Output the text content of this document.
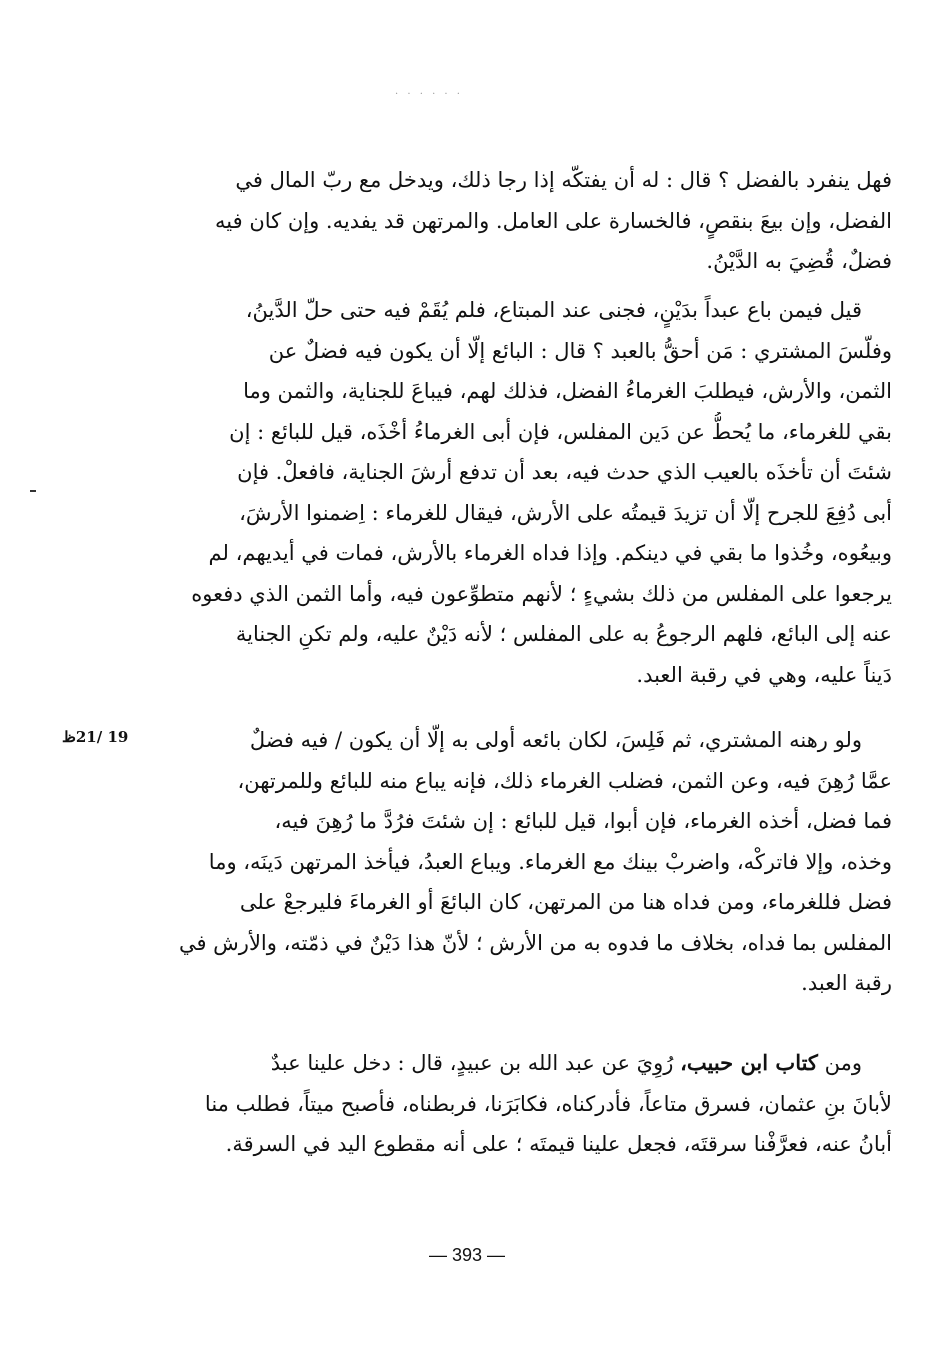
. . . . . .
فهل ينفرد بالفضل ؟ قال : له أن يفتكّه إذا رجا ذلك، ويدخل مع ربّ المال في
الفضل، وإن بيعَ بنقصٍ، فالخسارة على العامل. والمرتهن قد يفديه. وإن كان فيه
فضلٌ، قُضِيَ به الدَّيْنُ.
قيل فيمن باع عبداً بدَيْنٍ، فجنى عند المبتاع، فلم يُقَمْ فيه حتى حلّ الدَّينُ،
وفلّسَ المشتري : مَن أحقُّ بالعبد ؟ قال : البائع إلّا أن يكون فيه فضلٌ عن
الثمن، والأرش، فيطلبَ الغرماءُ الفضل، فذلك لهم، فيباعَ للجناية، والثمن وما
بقي للغرماء، ما يُحطُّ عن دَين المفلس، فإن أبى الغرماءُ أخْذَه، قيل للبائع : إن
شئتَ أن تأخذَه بالعيب الذي حدث فيه، بعد أن تدفع أرشَ الجناية، فافعلْ. فإن
أبى دُفِعَ للجرح إلّا أن تزيدَ قيمتُه على الأرش، فيقال للغرماء : اِضمنوا الأرشَ،
وبيعُوه، وخُذوا ما بقي في دينكم. وإذا فداه الغرماء بالأرش، فمات في أيديهم، لم
يرجعوا على المفلس من ذلك بشيءٍ ؛ لأنهم متطوِّعون فيه، وأما الثمن الذي دفعوه
عنه إلى البائع، فلهم الرجوعُ به على المفلس ؛ لأنه دَيْنٌ عليه، ولم تكنِ الجناية
دَيناً عليه، وهي في رقبة العبد.
19 /21ظ	ولو رهنه المشتري، ثم فَلِسَ، لكان بائعه أولى به إلّا أن يكون / فيه فضلٌ
عمَّا رُهِنَ فيه، وعن الثمن، فضلب الغرماء ذلك، فإنه يباع منه للبائع وللمرتهن،
فما فضل، أخذه الغرماء، فإن أبوا، قيل للبائع : إن شئتَ فرُدَّ ما رُهِنَ فيه،
وخذه، وإلا فاتركْه، واضربْ بينك مع الغرماء. ويباع العبدُ، فيأخذ المرتهن دَينَه، وما
فضل فللغرماء، ومن فداه هنا من المرتهن، كان البائعَ أو الغرماءَ فليرجعْ على
المفلس بما فداه، بخلاف ما فدوه به من الأرش ؛ لأنّ هذا دَيْنٌ في ذمّته، والأرش في
رقبة العبد.
ومن كتاب ابن حبيب، رُوِيَ عن عبد الله بن عبيدٍ، قال : دخل علينا عبدٌ
لأبانَ بنِ عثمان، فسرق متاعاً، فأدركناه، فكابَرَنا، فربطناه، فأصبح ميتاً، فطلب منا
أبانُ عنه، فعرَّفْنا سرقتَه، فجعل علينا قيمتَه ؛ على أنه مقطوع اليد في السرقة.
— 393 —
